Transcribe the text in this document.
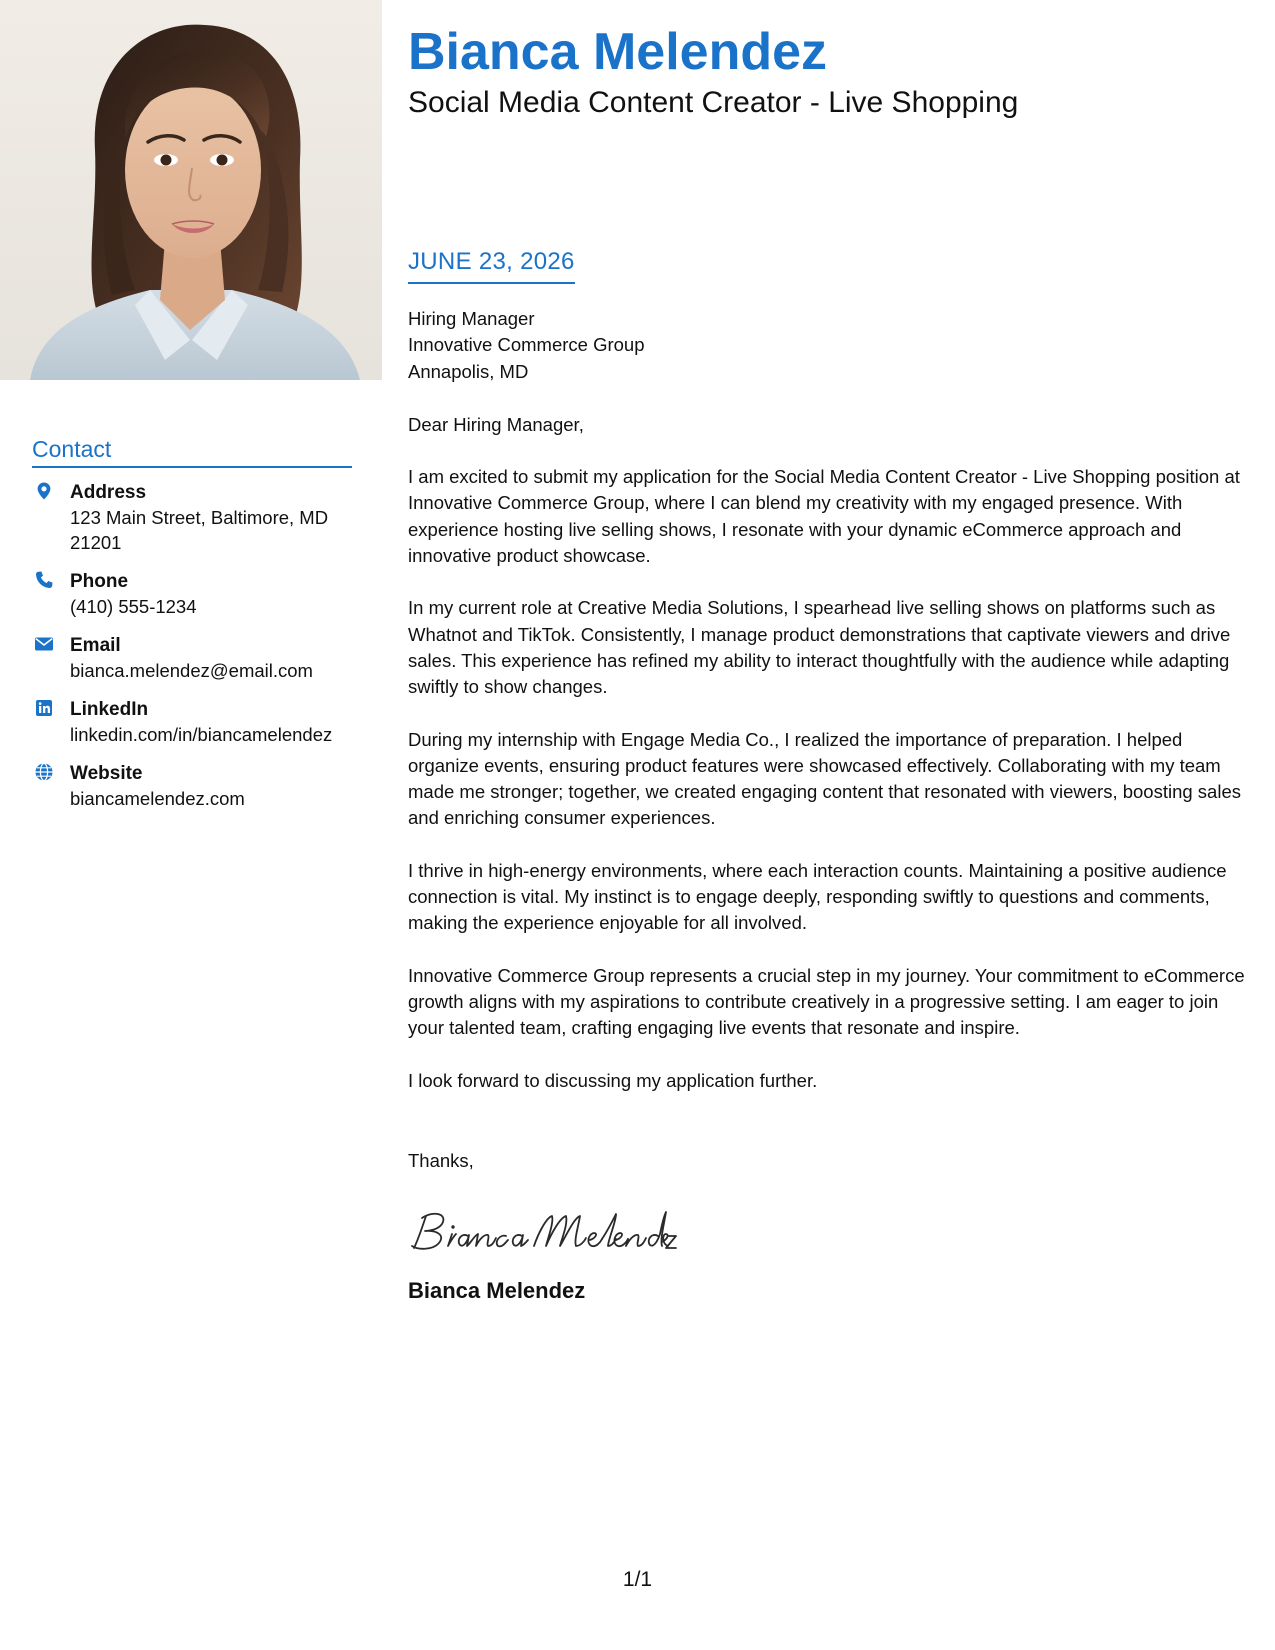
Contact
Address
123 Main Street, Baltimore, MD 21201
Phone
(410) 555-1234
Email
bianca.melendez@email.com
LinkedIn
linkedin.com/in/biancamelendez
Website
biancamelendez.com
Bianca Melendez
Social Media Content Creator - Live Shopping
JUNE 23, 2026
Hiring Manager
Innovative Commerce Group
Annapolis, MD
Dear Hiring Manager,
I am excited to submit my application for the Social Media Content Creator - Live Shopping position at Innovative Commerce Group, where I can blend my creativity with my engaged presence. With experience hosting live selling shows, I resonate with your dynamic eCommerce approach and innovative product showcase.
In my current role at Creative Media Solutions, I spearhead live selling shows on platforms such as Whatnot and TikTok. Consistently, I manage product demonstrations that captivate viewers and drive sales. This experience has refined my ability to interact thoughtfully with the audience while adapting swiftly to show changes.
During my internship with Engage Media Co., I realized the importance of preparation. I helped organize events, ensuring product features were showcased effectively. Collaborating with my team made me stronger; together, we created engaging content that resonated with viewers, boosting sales and enriching consumer experiences.
I thrive in high-energy environments, where each interaction counts. Maintaining a positive audience connection is vital. My instinct is to engage deeply, responding swiftly to questions and comments, making the experience enjoyable for all involved.
Innovative Commerce Group represents a crucial step in my journey. Your commitment to eCommerce growth aligns with my aspirations to contribute creatively in a progressive setting. I am eager to join your talented team, crafting engaging live events that resonate and inspire.
I look forward to discussing my application further.
Thanks,
Bianca Melendez
1/1
